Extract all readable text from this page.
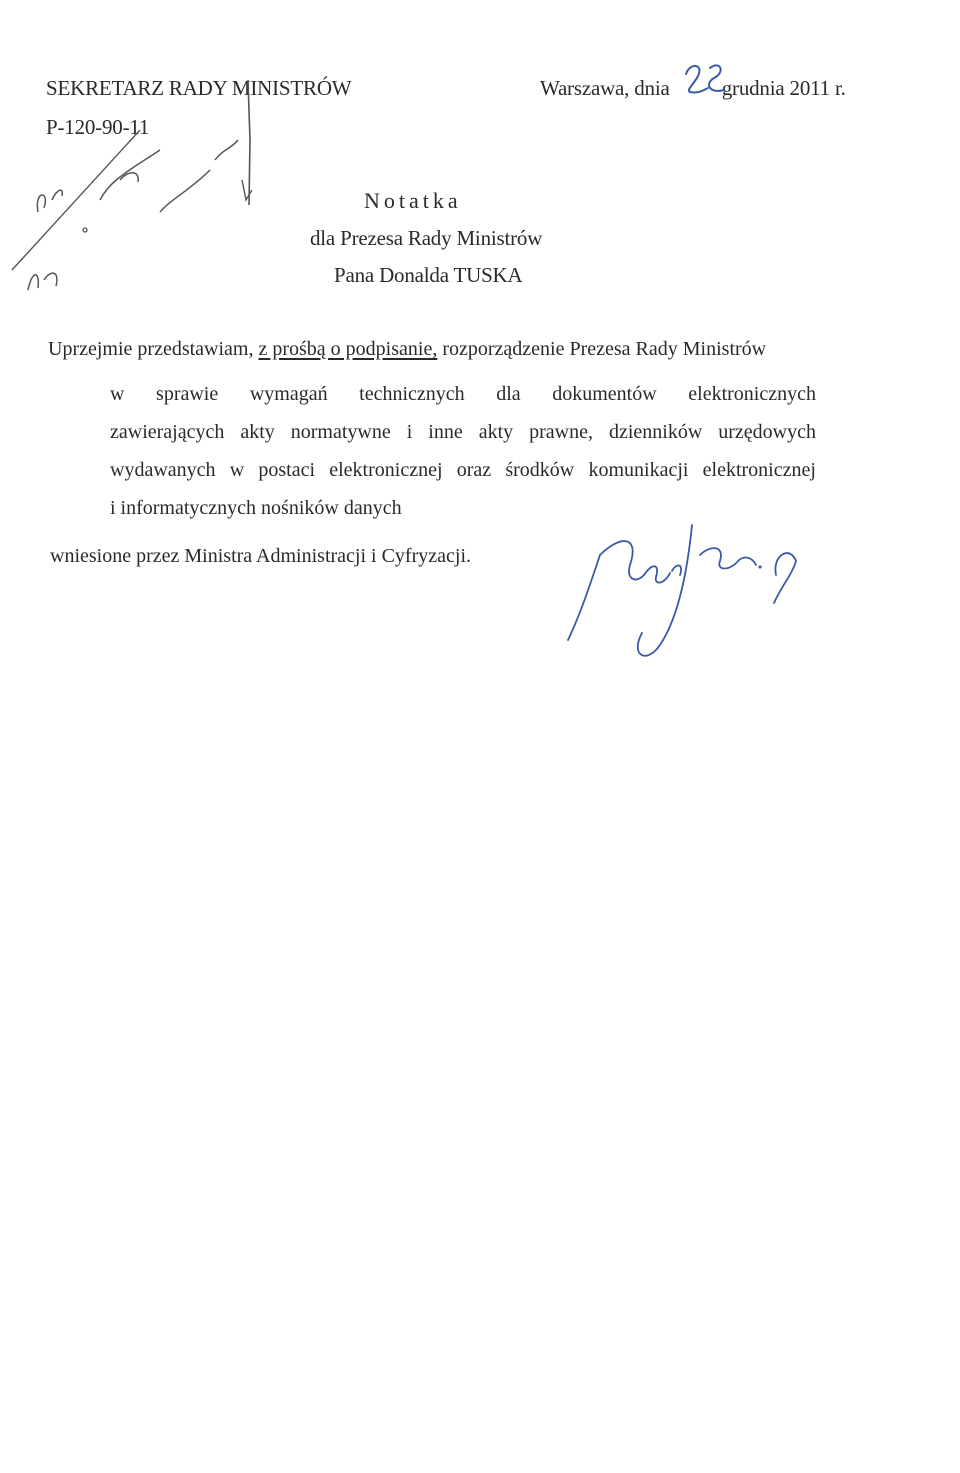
SEKRETARZ RADY MINISTRÓW
P-120-90-11
Warszawa, dnia grudnia 2011 r.
Notatka
dla Prezesa Rady Ministrów
Pana Donalda TUSKA
Uprzejmie przedstawiam, z prośbą o podpisanie, rozporządzenie Prezesa Rady Ministrów
w sprawie wymagań technicznych dla dokumentów elektronicznych
zawierających akty normatywne i inne akty prawne, dzienników urzędowych
wydawanych w postaci elektronicznej oraz środków komunikacji elektronicznej
i informatycznych nośników danych
wniesione przez Ministra Administracji i Cyfryzacji.
